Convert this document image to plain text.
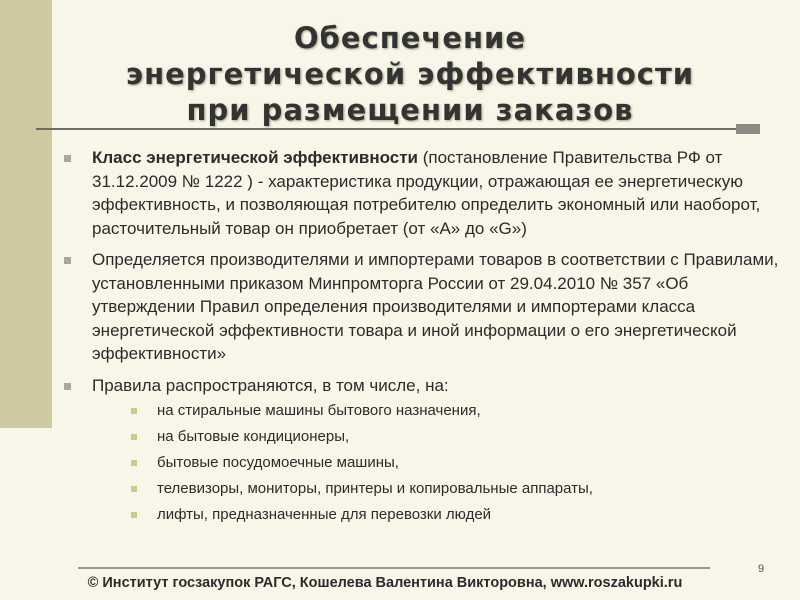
Обеспечение
энергетической эффективности
при размещении заказов
Класс энергетической эффективности (постановление Правительства РФ от 31.12.2009 № 1222 ) - характеристика продукции, отражающая ее энергетическую эффективность, и позволяющая потребителю определить экономный или наоборот, расточительный товар он приобретает (от «A» до «G»)
Определяется производителями и импортерами товаров в соответствии с Правилами, установленными приказом Минпромторга России от 29.04.2010 № 357 «Об утверждении Правил определения производителями и импортерами класса энергетической эффективности товара и иной информации о его энергетической эффективности»
Правила распространяются, в том числе, на:
на стиральные машины бытового назначения,
на бытовые кондиционеры,
бытовые посудомоечные машины,
телевизоры, мониторы, принтеры и копировальные аппараты,
лифты, предназначенные для перевозки людей
9
© Институт госзакупок РАГС, Кошелева Валентина Викторовна, www.roszakupki.ru
